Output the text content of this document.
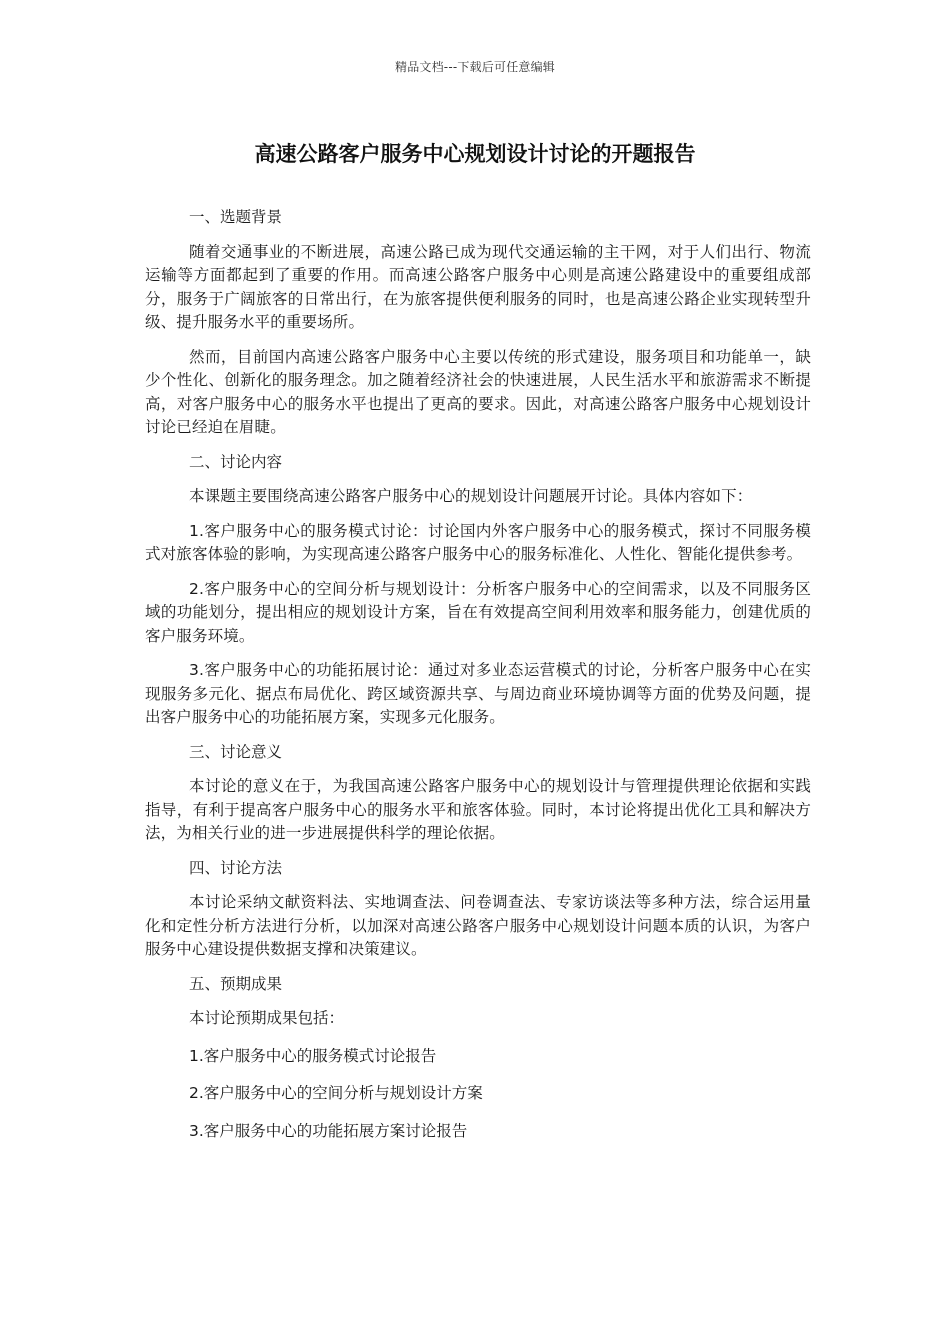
精品文档---下载后可任意编辑
高速公路客户服务中心规划设计讨论的开题报告

一、选题背景

随着交通事业的不断进展，高速公路已成为现代交通运输的主干网，对于人们出行、物流运输等方面都起到了重要的作用。而高速公路客户服务中心则是高速公路建设中的重要组成部分，服务于广阔旅客的日常出行，在为旅客提供便利服务的同时，也是高速公路企业实现转型升级、提升服务水平的重要场所。

然而，目前国内高速公路客户服务中心主要以传统的形式建设，服务项目和功能单一，缺少个性化、创新化的服务理念。加之随着经济社会的快速进展，人民生活水平和旅游需求不断提高，对客户服务中心的服务水平也提出了更高的要求。因此，对高速公路客户服务中心规划设计讨论已经迫在眉睫。

二、讨论内容

本课题主要围绕高速公路客户服务中心的规划设计问题展开讨论。具体内容如下：

1.客户服务中心的服务模式讨论：讨论国内外客户服务中心的服务模式，探讨不同服务模式对旅客体验的影响，为实现高速公路客户服务中心的服务标准化、人性化、智能化提供参考。

2.客户服务中心的空间分析与规划设计：分析客户服务中心的空间需求，以及不同服务区域的功能划分，提出相应的规划设计方案，旨在有效提高空间利用效率和服务能力，创建优质的客户服务环境。

3.客户服务中心的功能拓展讨论：通过对多业态运营模式的讨论，分析客户服务中心在实现服务多元化、据点布局优化、跨区域资源共享、与周边商业环境协调等方面的优势及问题，提出客户服务中心的功能拓展方案，实现多元化服务。

三、讨论意义

本讨论的意义在于，为我国高速公路客户服务中心的规划设计与管理提供理论依据和实践指导，有利于提高客户服务中心的服务水平和旅客体验。同时，本讨论将提出优化工具和解决方法，为相关行业的进一步进展提供科学的理论依据。

四、讨论方法

本讨论采纳文献资料法、实地调查法、问卷调查法、专家访谈法等多种方法，综合运用量化和定性分析方法进行分析，以加深对高速公路客户服务中心规划设计问题本质的认识，为客户服务中心建设提供数据支撑和决策建议。

五、预期成果

本讨论预期成果包括：

1.客户服务中心的服务模式讨论报告

2.客户服务中心的空间分析与规划设计方案

3.客户服务中心的功能拓展方案讨论报告
